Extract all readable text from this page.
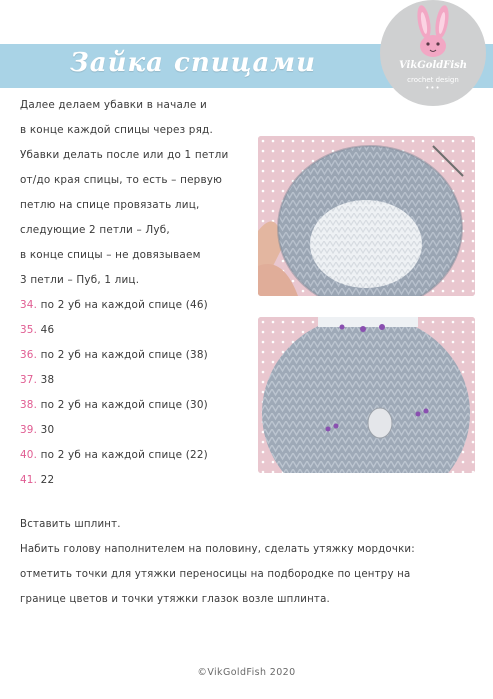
Зайка спицами	VikGoldFish
crochet design
•••
Далее делаем убавки в начале и
в конце каждой спицы через ряд.
Убавки делать после или до 1 петли
от/до края спицы, то есть – первую
петлю на спице провязать лиц,
следующие 2 петли – Луб,
в конце спицы – не довязываем
3 петли – Пуб, 1 лиц.
34. по 2 уб на каждой спице (46)
35. 46
36. по 2 уб на каждой спице (38)
37. 38
38. по 2 уб на каждой спице (30)
39. 30
40. по 2 уб на каждой спице (22)
41. 22
Вставить шплинт.
Набить голову наполнителем на половину, сделать утяжку мордочки:
отметить точки для утяжки переносицы на подбородке по центру на
границе цветов и точки утяжки глазок возле шплинта.
©VikGoldFish 2020
